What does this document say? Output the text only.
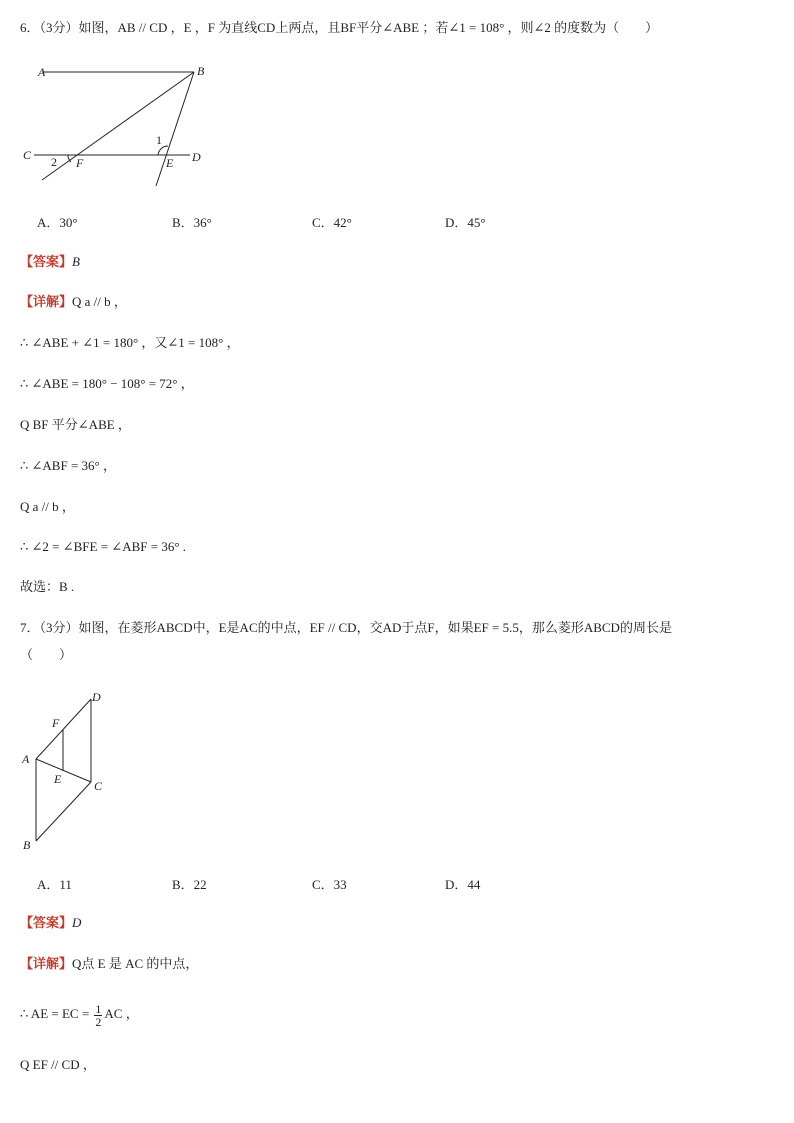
6．（3分）如图，AB // CD ，E ，F 为直线CD上两点，且BF平分∠ABE ；若∠1 = 108° ，则∠2 的度数为（　　）
A	B
C	D
E
F
1
2
A．30°	B．36°	C．42°	D．45°
【答案】B
【详解】Q a // b ，
∴ ∠ABE + ∠1 = 180° ，又∠1 = 108° ，
∴ ∠ABE = 180° − 108° = 72° ，
Q BF 平分∠ABE ，
∴ ∠ABF = 36° ，
Q a // b ，
∴ ∠2 = ∠BFE = ∠ABF = 36° .
故选：B .
7．（3分）如图，在菱形ABCD中，E是AC的中点，EF // CD，交AD于点F，如果EF = 5.5，那么菱形ABCD的周长是
（　　）
A
B
C
D
E
F
A．11	B．22	C．33	D．44
【答案】D
【详解】Q点 E 是 AC 的中点，
∴ AE = EC = $\frac{1}{2}$ AC ，
Q EF // CD ，
